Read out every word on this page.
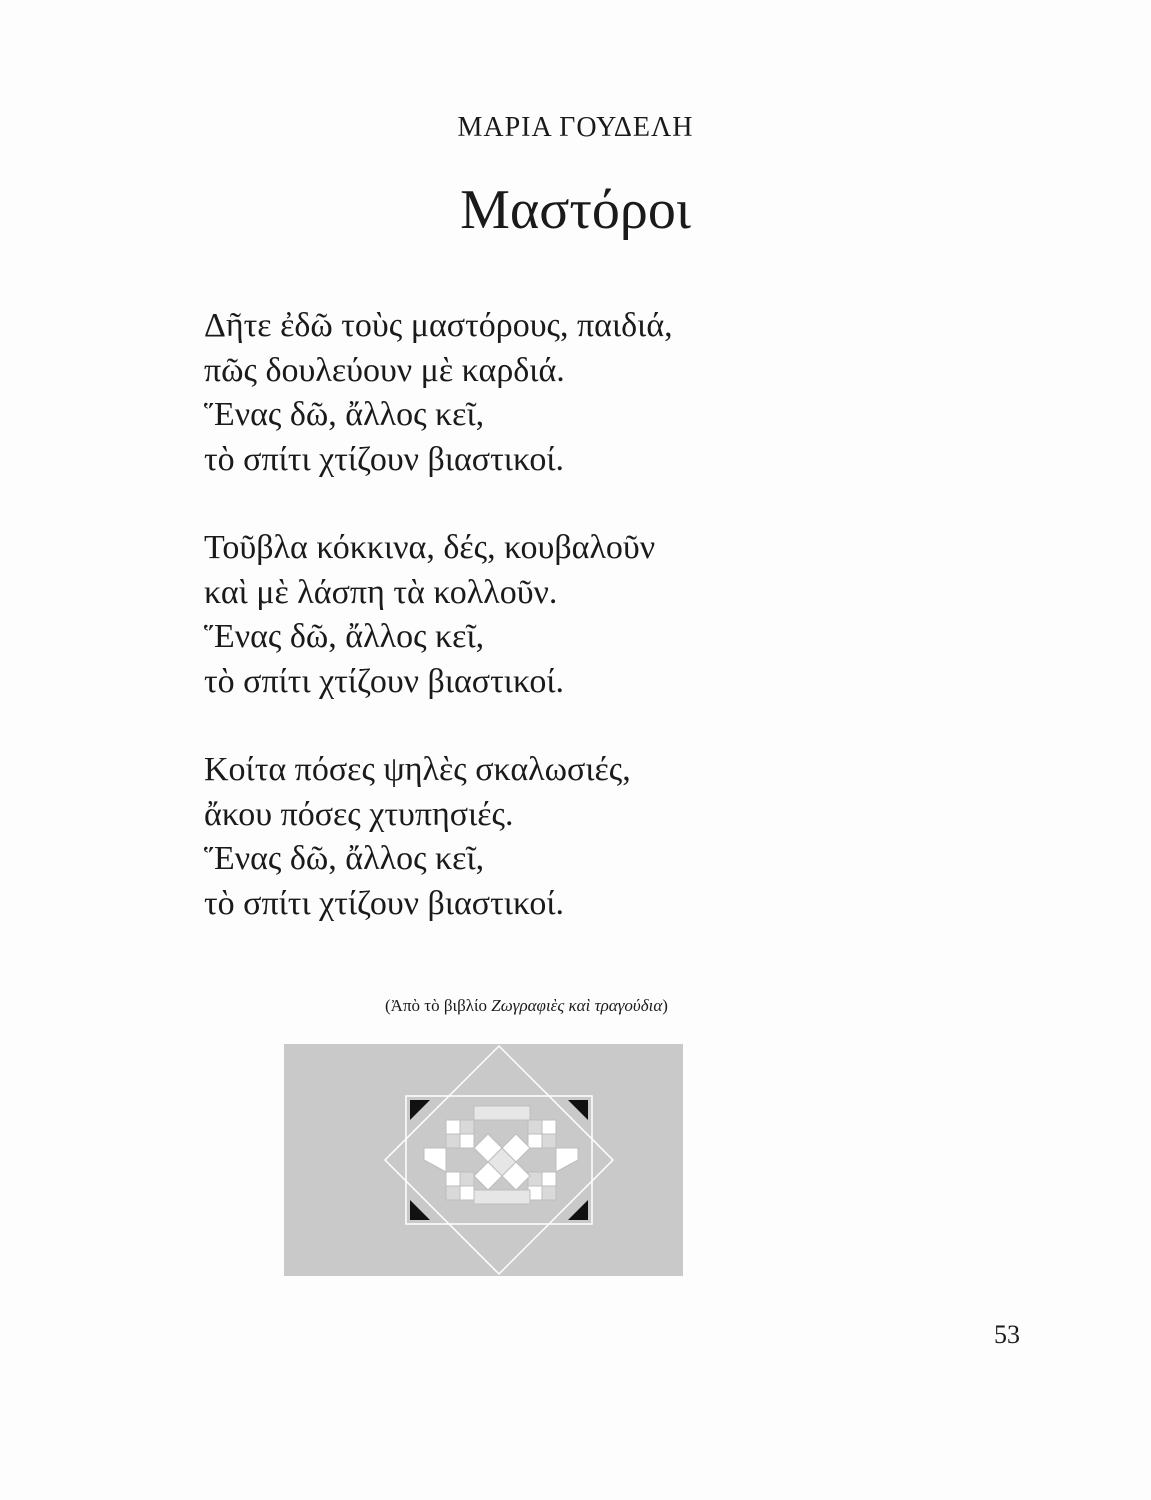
ΜΑΡΙΑ ΓΟΥΔΕΛΗ
Μαστόροι
Δῆτε ἐδῶ τοὺς μαστόρους, παιδιά,
πῶς δουλεύουν μὲ καρδιά.
Ἕνας δῶ, ἄλλος κεῖ,
τὸ σπίτι χτίζουν βιαστικοί.
Τοῦβλα κόκκινα, δές, κουβαλοῦν
καὶ μὲ λάσπη τὰ κολλοῦν.
Ἕνας δῶ, ἄλλος κεῖ,
τὸ σπίτι χτίζουν βιαστικοί.
Κοίτα πόσες ψηλὲς σκαλωσιές,
ἄκου πόσες χτυπησιές.
Ἕνας δῶ, ἄλλος κεῖ,
τὸ σπίτι χτίζουν βιαστικοί.
(Ἀπὸ τὸ βιβλίο Ζωγραφιὲς καὶ τραγούδια)
53
